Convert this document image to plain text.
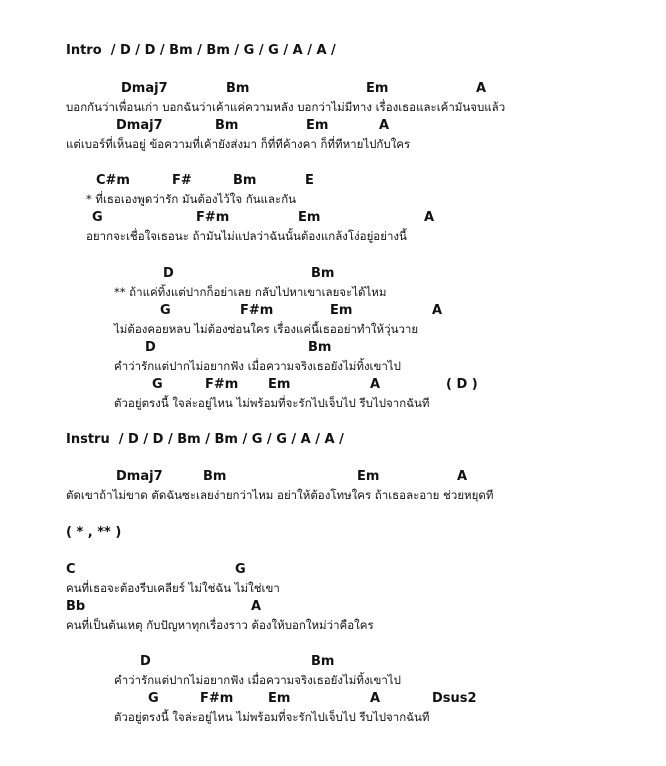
Intro  / D / D / Bm / Bm / G / G / A / A /
Dmaj7	Bm	Em	A
บอกกันว่าเพื่อนเก่า บอกฉันว่าเค้าแค่ความหลัง บอกว่าไม่มีทาง เรื่องเธอและเค้ามันจบแล้ว
Dmaj7	Bm	Em	A
แต่เบอร์ที่เห็นอยู่ ข้อความที่เค้ายังส่งมา ก็ที่ทีค้างคา ก็ที่ทีหายไปกับใคร
C#m	F#	Bm	E
* ที่เธอเองพูดว่ารัก มันต้องไว้ใจ กันและกัน
G	F#m	Em	A
อยากจะเชื่อใจเธอนะ ถ้ามันไม่แปลว่าฉันนั้นต้องแกล้งโง่อยู่อย่างนี้
D	Bm
** ถ้าแค่ทิ้งแต่ปากก็อย่าเลย กลับไปหาเขาเลยจะได้ไหม
G	F#m	Em	A
ไม่ต้องคอยหลบ ไม่ต้องซ่อนใคร เรื่องแค่นี้เธออย่าทำให้วุ่นวาย
D	Bm
คำว่ารักแต่ปากไม่อยากฟัง เมื่อความจริงเธอยังไม่ทิ้งเขาไป
G	F#m Em	A	( D )
ตัวอยู่ตรงนี้ ใจล่ะอยู่ไหน ไม่พร้อมที่จะรักไปเจ็บไป รีบไปจากฉันที
Instru  / D / D / Bm / Bm / G / G / A / A /
Dmaj7	Bm	Em	A
ตัดเขาถ้าไม่ขาด ตัดฉันซะเลยง่ายกว่าไหม อย่าให้ต้องโทษใคร ถ้าเธอละอาย ช่วยหยุดที
( * , ** )
C	G
คนที่เธอจะต้องรีบเคลียร์ ไม่ใช่ฉัน ไม่ใช่เขา
Bb	A
คนที่เป็นต้นเหตุ กับปัญหาทุกเรื่องราว ต้องให้บอกใหม่ว่าคือใคร
D	Bm
คำว่ารักแต่ปากไม่อยากฟัง เมื่อความจริงเธอยังไม่ทิ้งเขาไป
G	F#m	Em	A	Dsus2
ตัวอยู่ตรงนี้ ใจล่ะอยู่ไหน ไม่พร้อมที่จะรักไปเจ็บไป รีบไปจากฉันที
